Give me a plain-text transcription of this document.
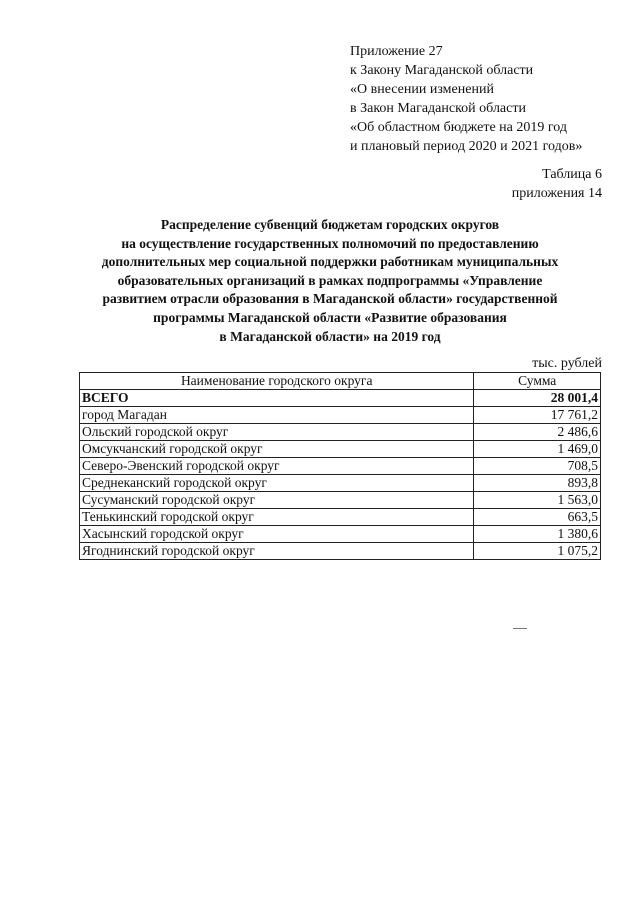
Приложение 27
к Закону Магаданской области
«О внесении изменений
в Закон Магаданской области
«Об областном бюджете на 2019 год
и плановый период 2020 и 2021 годов»
Таблица 6
приложения 14
Распределение субвенций бюджетам городских округов
на осуществление государственных полномочий по предоставлению
дополнительных мер социальной поддержки работникам муниципальных
образовательных организаций в рамках подпрограммы «Управление
развитием отрасли образования в Магаданской области» государственной
программы Магаданской области «Развитие образования
в Магаданской области» на 2019 год
тыс. рублей
Наименование городского округа	Сумма
ВСЕГО	28 001,4
город Магадан	17 761,2
Ольский городской округ	2 486,6
Омсукчанский городской округ	1 469,0
Северо-Эвенский городской округ	708,5
Среднеканский городской округ	893,8
Сусуманский городской округ	1 563,0
Тенькинский городской округ	663,5
Хасынский городской округ	1 380,6
Ягоднинский городской округ	1 075,2
